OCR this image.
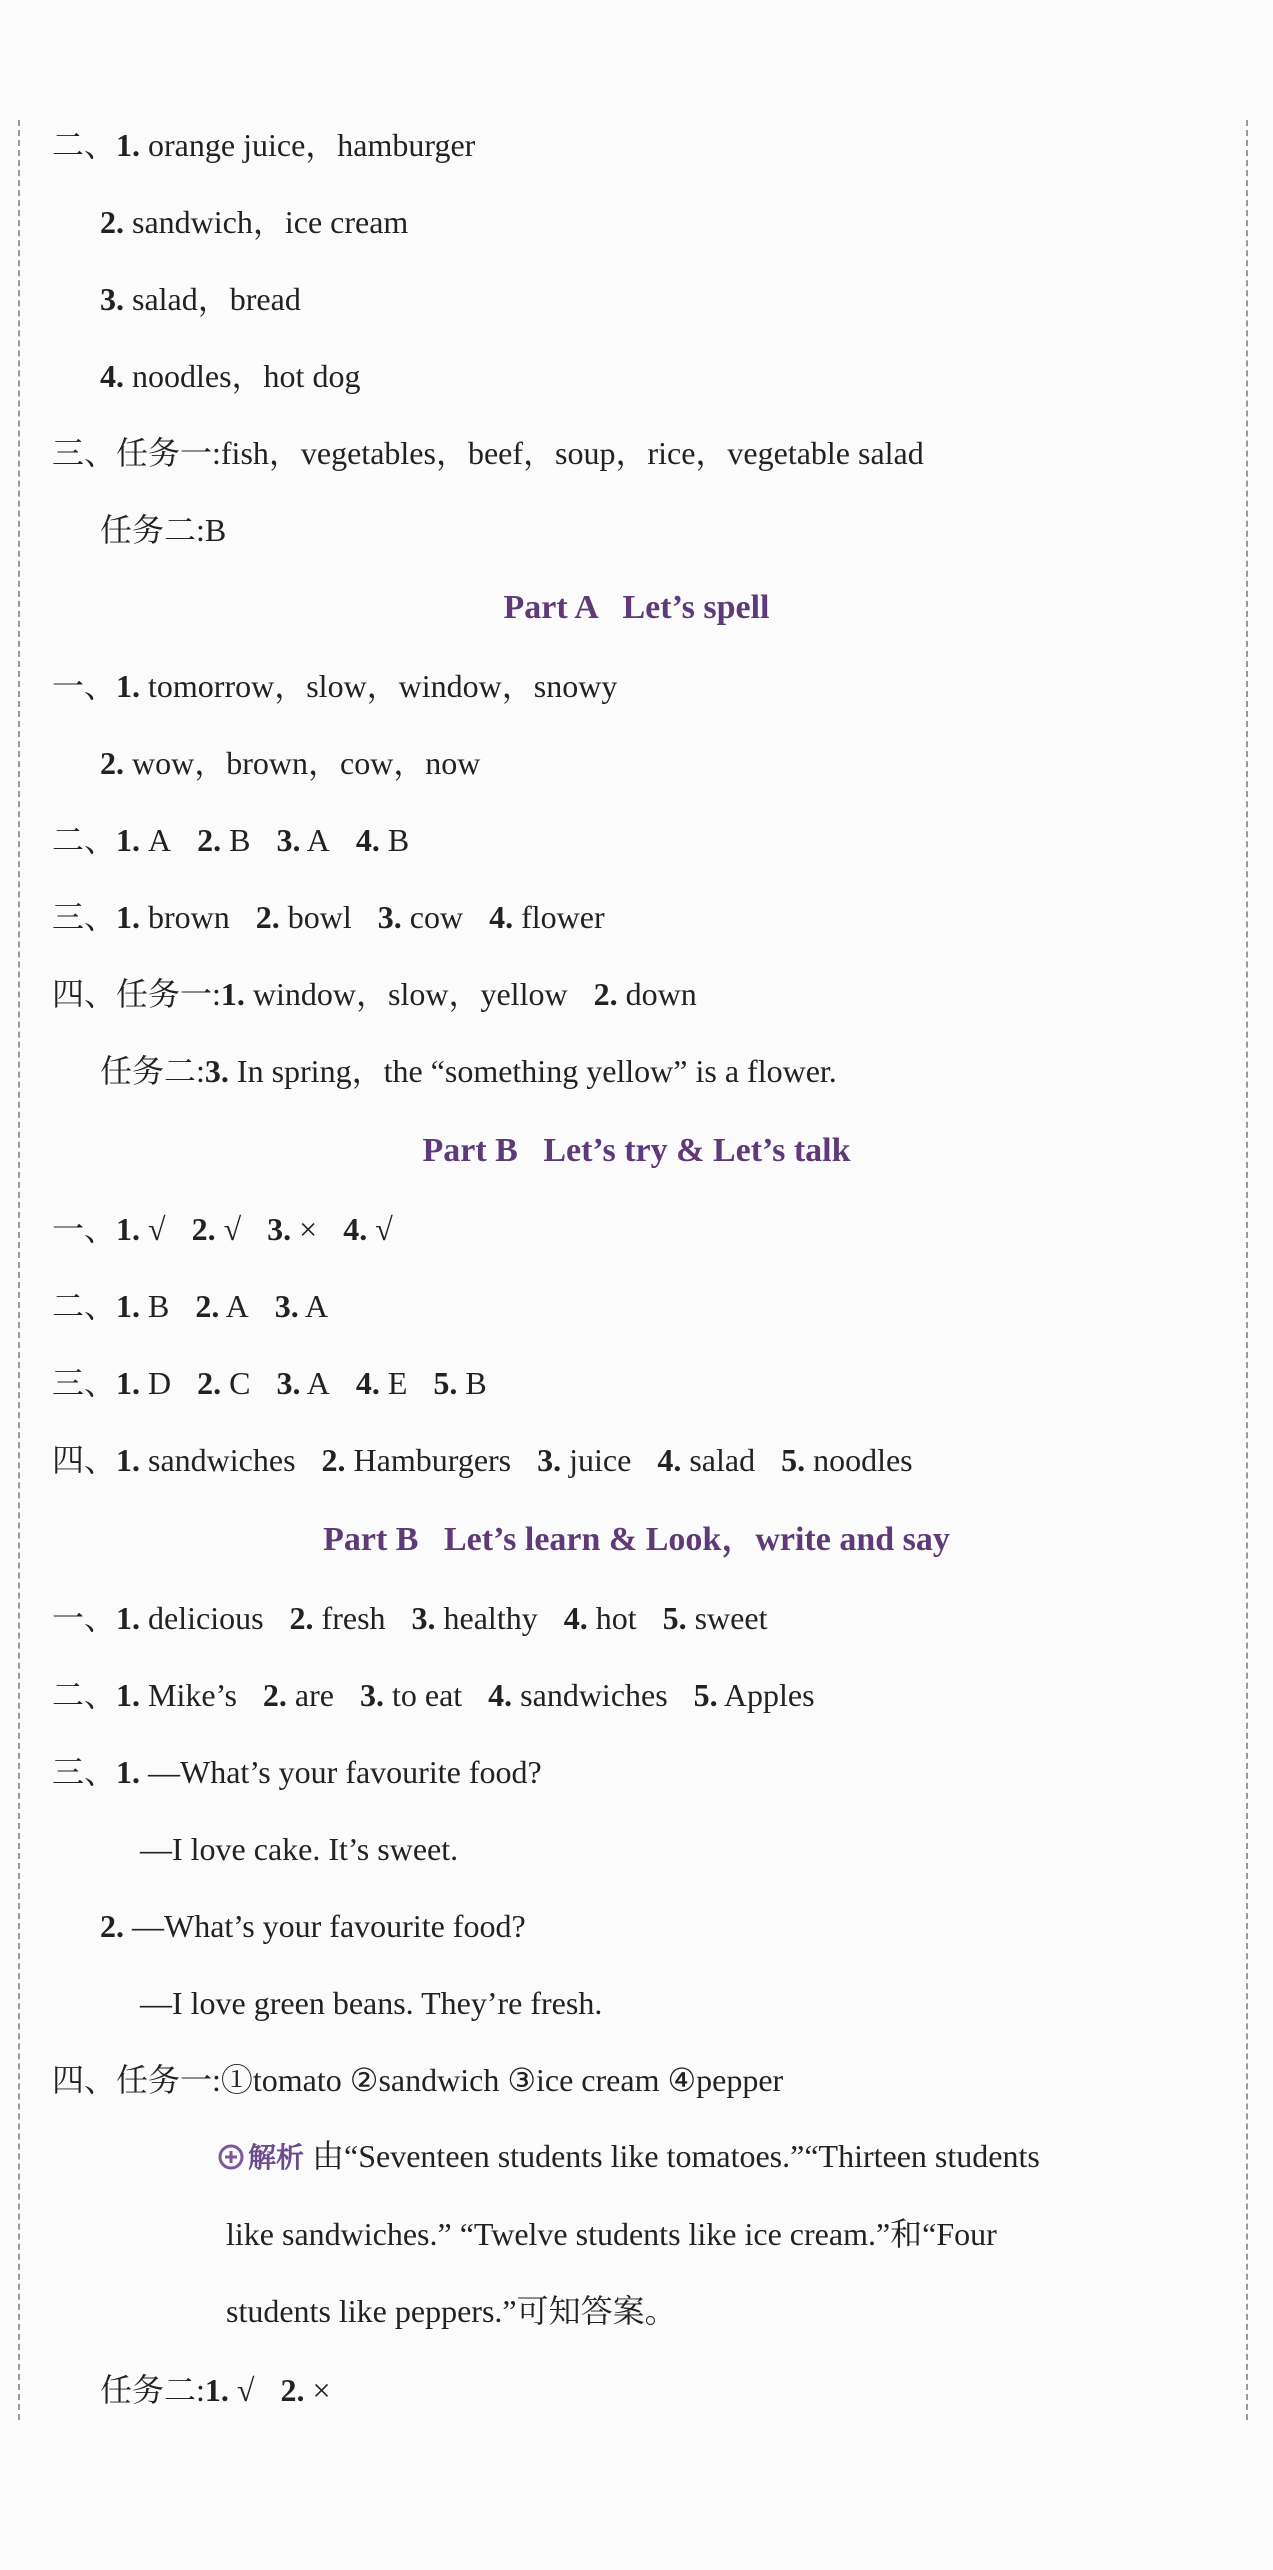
二、1. orange juice，hamburger
2. sandwich，ice cream
3. salad，bread
4. noodles，hot dog
三、任务一:fish，vegetables，beef，soup，rice，vegetable salad
任务二:B
Part A   Let’s spell
一、1. tomorrow，slow，window，snowy
2. wow，brown，cow，now
二、1. A 2. B 3. A 4. B
三、1. brown 2. bowl 3. cow 4. flower
四、任务一:1. window，slow，yellow 2. down
任务二:3. In spring，the “something yellow” is a flower.
Part B   Let’s try & Let’s talk
一、1. √ 2. √ 3. × 4. √
二、1. B 2. A 3. A
三、1. D 2. C 3. A 4. E 5. B
四、1. sandwiches 2. Hamburgers 3. juice 4. salad 5. noodles
Part B   Let’s learn & Look，write and say
一、1. delicious 2. fresh 3. healthy 4. hot 5. sweet
二、1. Mike’s 2. are 3. to eat 4. sandwiches 5. Apples
三、1. —What’s your favourite food?
—I love cake. It’s sweet.
2. —What’s your favourite food?
—I love green beans. They’re fresh.
四、任务一:①tomato ②sandwich ③ice cream ④pepper
解析 由“Seventeen students like tomatoes.”“Thirteen students
like sandwiches.” “Twelve students like ice cream.”和“Four
students like peppers.”可知答案。
任务二:1. √ 2. ×
